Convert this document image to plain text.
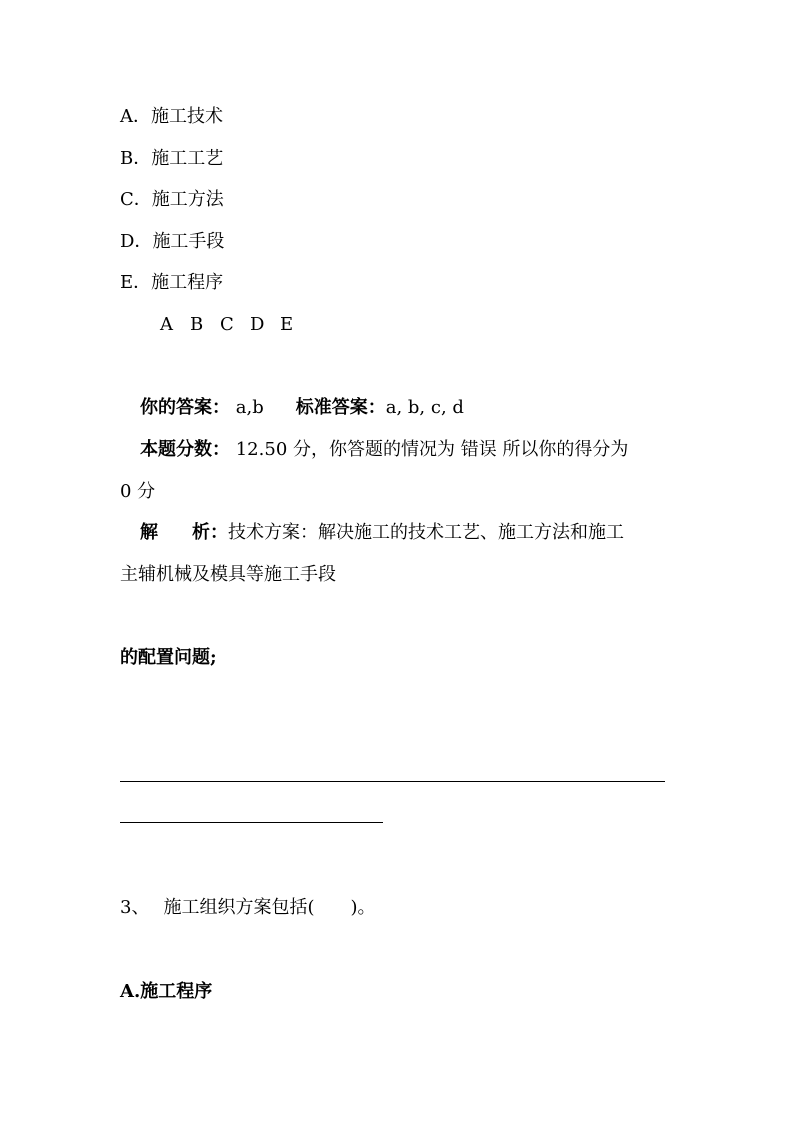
A．施工技术
B．施工工艺
C．施工方法
D．施工手段
E．施工程序
A B C D E
你的答案： a,b 标准答案：a, b, c, d
本题分数： 12.50 分，你答题的情况为 错误 所以你的得分为
0 分
解 析：技术方案：解决施工的技术工艺、施工方法和施工
主辅机械及模具等施工手段
的配置问题;
3、 施工组织方案包括(　　)。
A.施工程序
